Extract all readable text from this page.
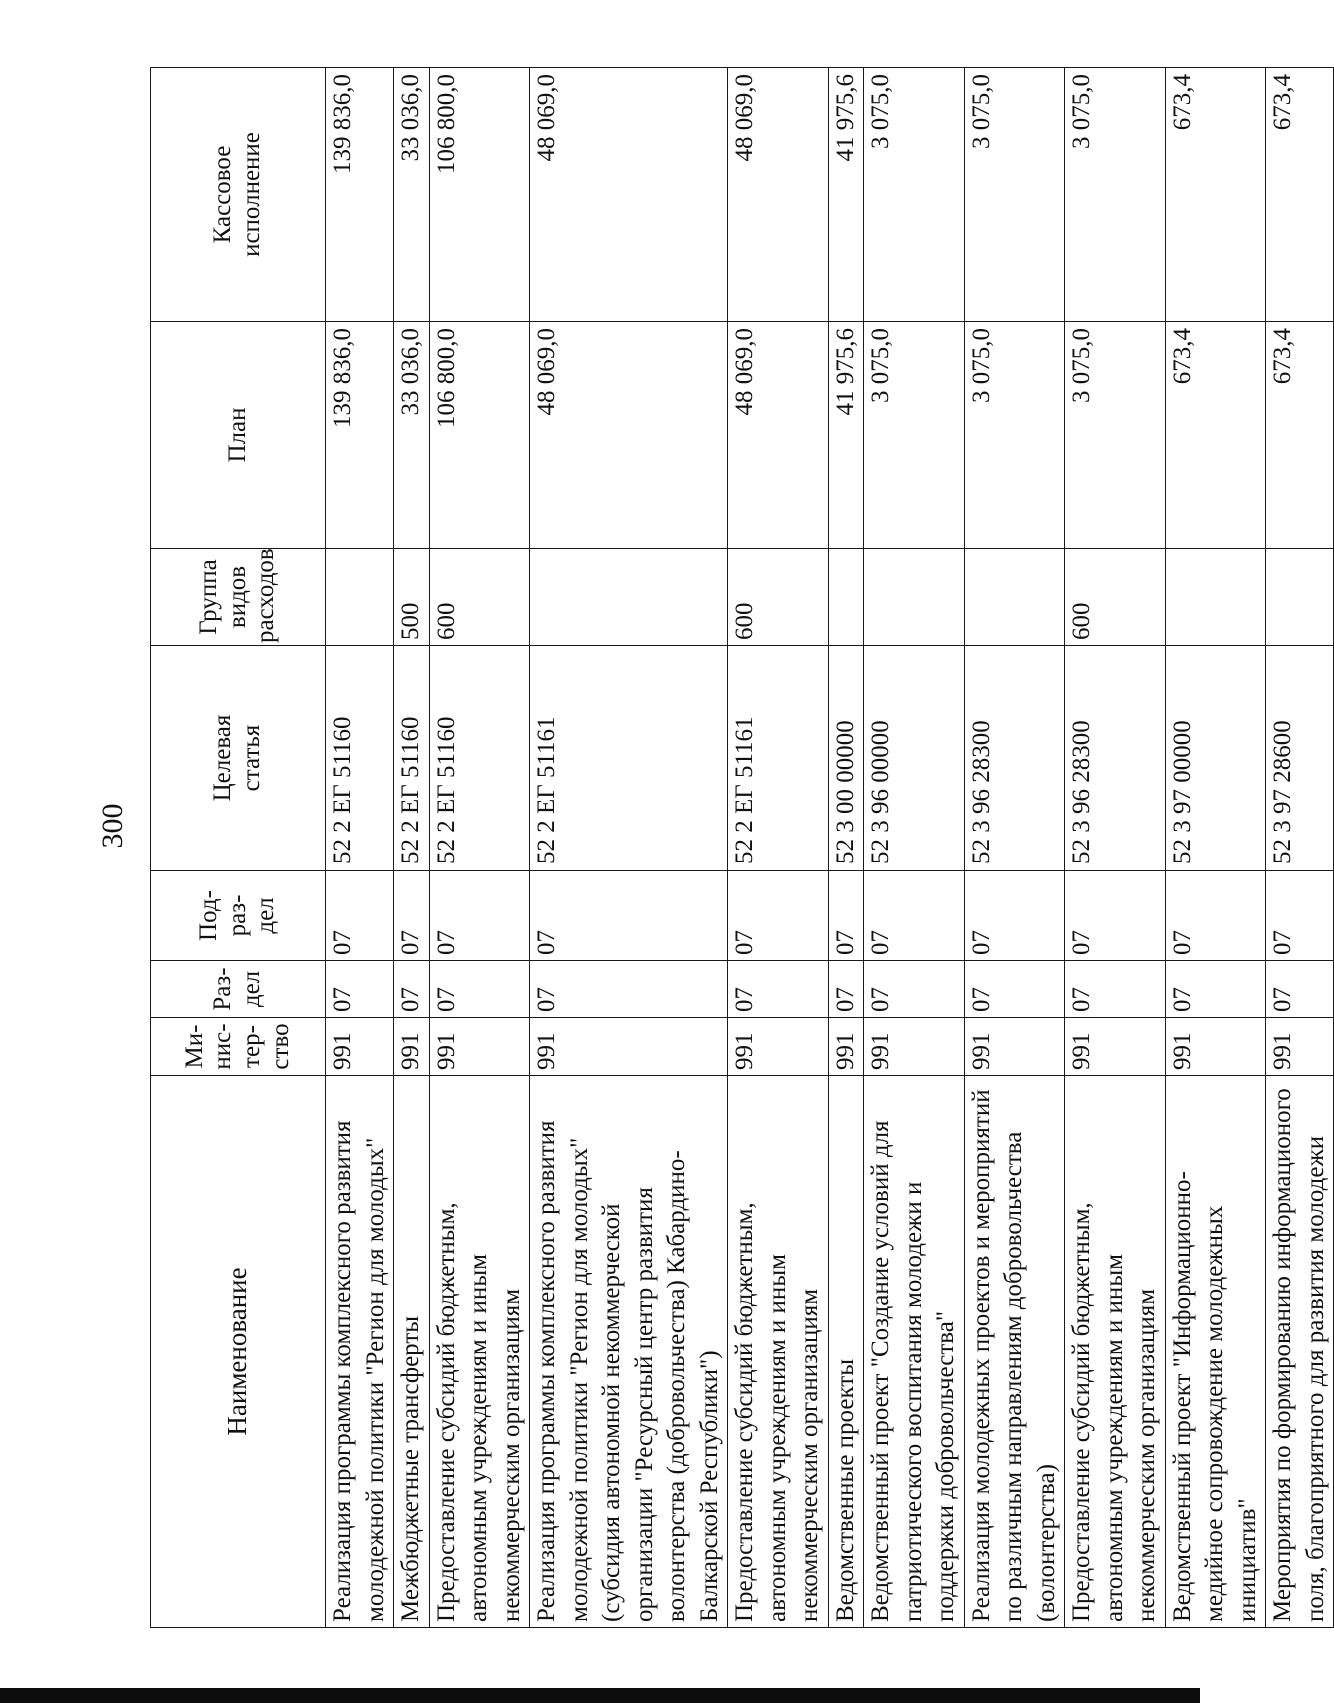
300
Наименование	Ми-
нис-
тер-
ство	Раз-
дел	Под-
раз-
дел	Целевая
статья	Группа
видов
расходов	План	Кассовое
исполнение
Реализация программы комплексного развития молодежной политики "Регион для молодых"	991	07	07	52 2 ЕГ 51160		139 836,0	139 836,0
Межбюджетные трансферты	991	07	07	52 2 ЕГ 51160	500	33 036,0	33 036,0
Предоставление субсидий бюджетным, автономным учреждениям и иным некоммерческим организациям	991	07	07	52 2 ЕГ 51160	600	106 800,0	106 800,0
Реализация программы комплексного развития молодежной политики "Регион для молодых" (субсидия автономной некоммерческой организации "Ресурсный центр развития волонтерства (добровольчества) Кабардино-Балкарской Республики")	991	07	07	52 2 ЕГ 51161		48 069,0	48 069,0
Предоставление субсидий бюджетным, автономным учреждениям и иным некоммерческим организациям	991	07	07	52 2 ЕГ 51161	600	48 069,0	48 069,0
Ведомственные проекты	991	07	07	52 3 00 00000		41 975,6	41 975,6
Ведомственный проект "Создание условий для патриотического воспитания молодежи и поддержки добровольчества"	991	07	07	52 3 96 00000		3 075,0	3 075,0
Реализация молодежных проектов и мероприятий по различным направлениям добровольчества (волонтерства)	991	07	07	52 3 96 28300		3 075,0	3 075,0
Предоставление субсидий бюджетным, автономным учреждениям и иным некоммерческим организациям	991	07	07	52 3 96 28300	600	3 075,0	3 075,0
Ведомственный проект "Информационно-медийное сопровождение молодежных инициатив"	991	07	07	52 3 97 00000		673,4	673,4
Мероприятия по формированию информационого поля, благоприятного для развития молодежи	991	07	07	52 3 97 28600		673,4	673,4
